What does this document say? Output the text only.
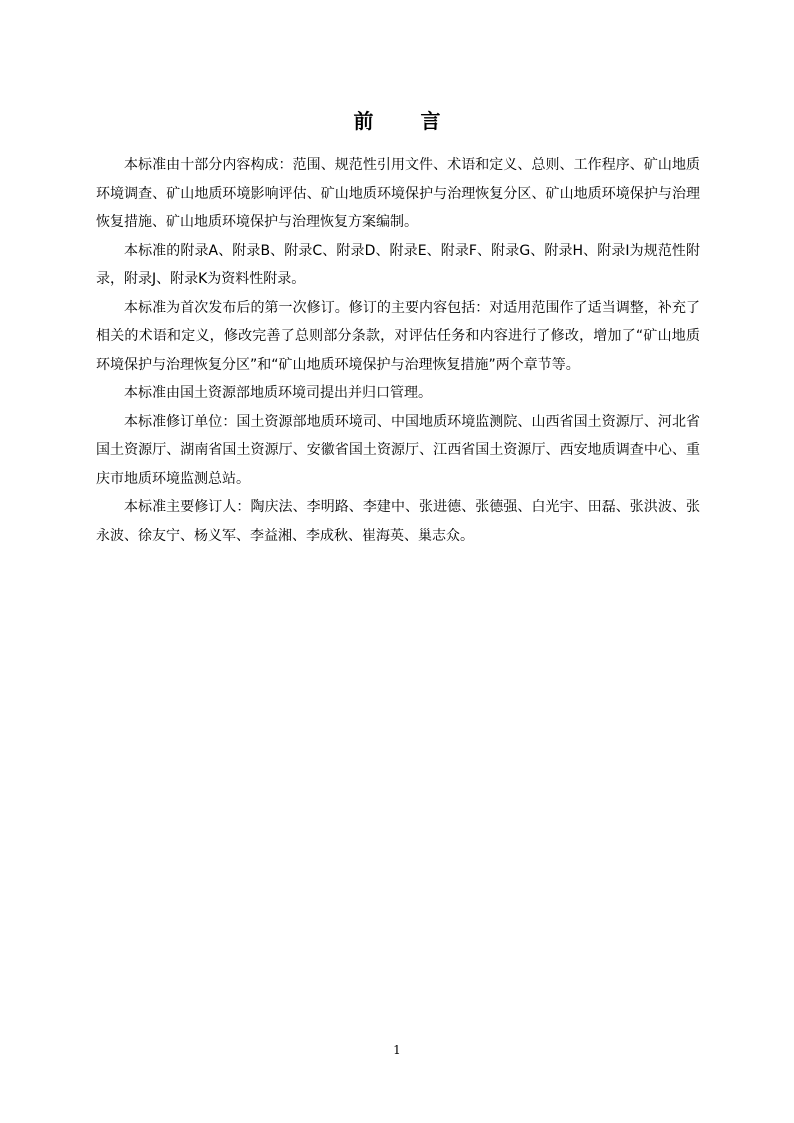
前 言

本标准由十部分内容构成：范围、规范性引用文件、术语和定义、总则、工作程序、矿山地质环境调查、矿山地质环境影响评估、矿山地质环境保护与治理恢复分区、矿山地质环境保护与治理恢复措施、矿山地质环境保护与治理恢复方案编制。

本标准的附录A、附录B、附录C、附录D、附录E、附录F、附录G、附录H、附录I为规范性附录，附录J、附录K为资料性附录。

本标准为首次发布后的第一次修订。修订的主要内容包括：对适用范围作了适当调整，补充了相关的术语和定义，修改完善了总则部分条款，对评估任务和内容进行了修改，增加了“矿山地质环境保护与治理恢复分区”和“矿山地质环境保护与治理恢复措施”两个章节等。

本标准由国土资源部地质环境司提出并归口管理。

本标准修订单位：国土资源部地质环境司、中国地质环境监测院、山西省国土资源厅、河北省国土资源厅、湖南省国土资源厅、安徽省国土资源厅、江西省国土资源厅、西安地质调查中心、重庆市地质环境监测总站。

本标准主要修订人：陶庆法、李明路、李建中、张进德、张德强、白光宇、田磊、张洪波、张永波、徐友宁、杨义军、李益湘、李成秋、崔海英、巢志众。

1
